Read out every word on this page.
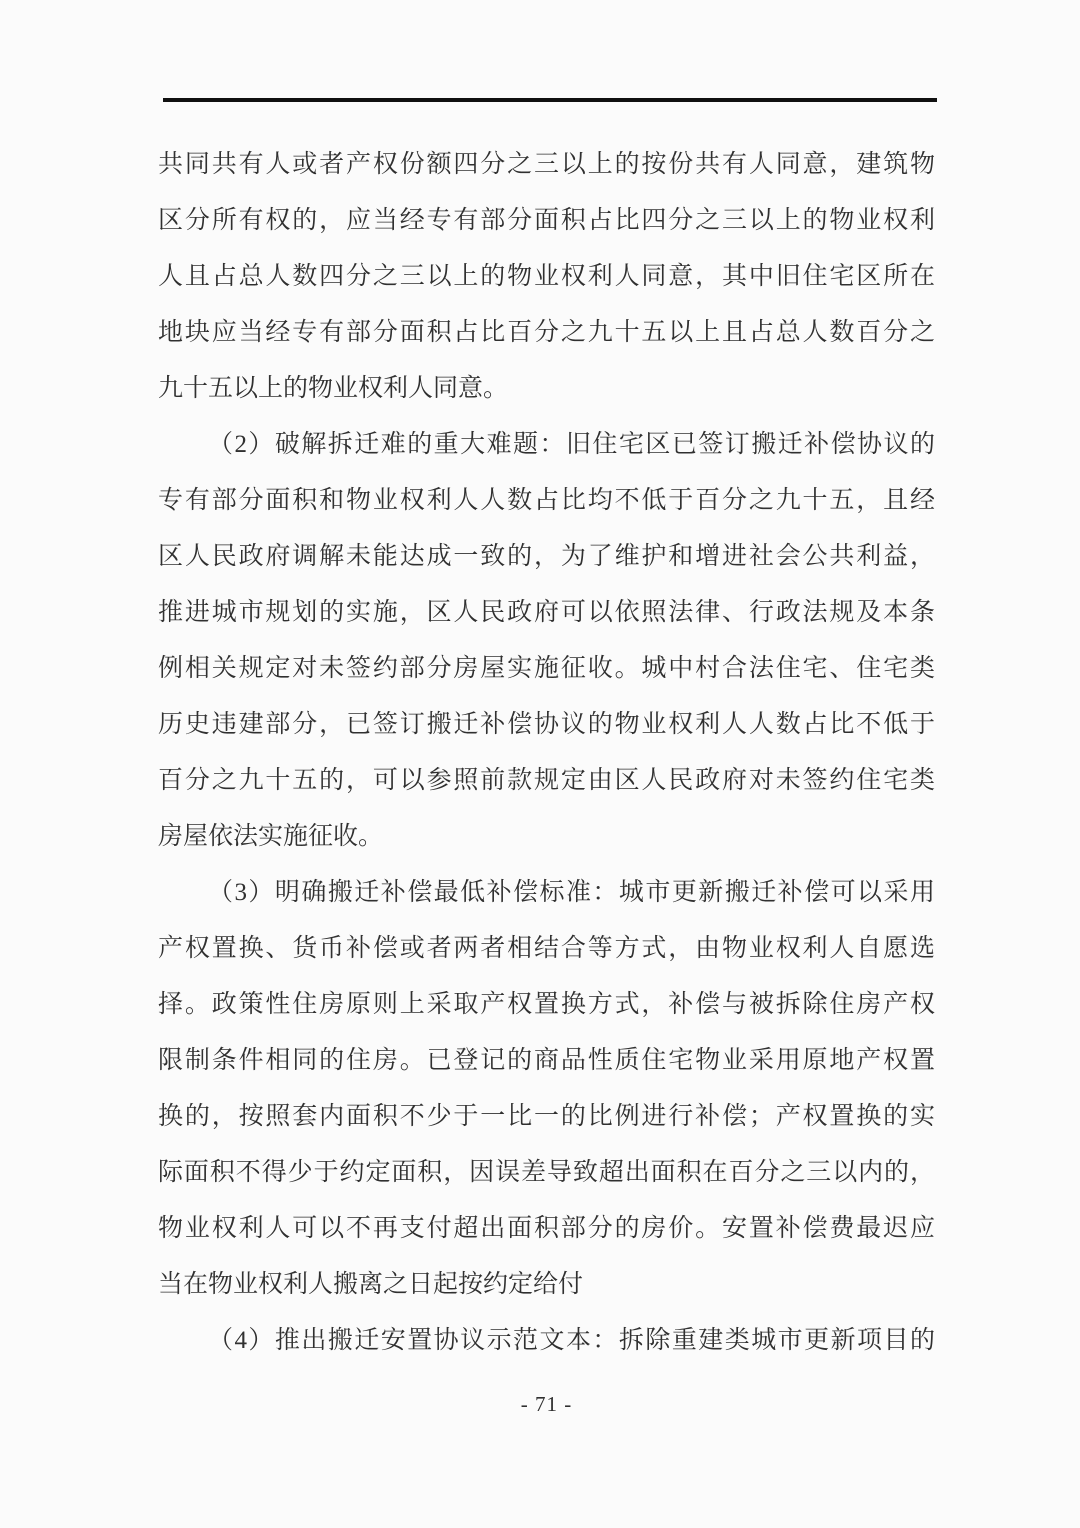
共同共有人或者产权份额四分之三以上的按份共有人同意，建筑物
区分所有权的，应当经专有部分面积占比四分之三以上的物业权利
人且占总人数四分之三以上的物业权利人同意，其中旧住宅区所在
地块应当经专有部分面积占比百分之九十五以上且占总人数百分之
九十五以上的物业权利人同意。
（2）破解拆迁难的重大难题：旧住宅区已签订搬迁补偿协议的
专有部分面积和物业权利人人数占比均不低于百分之九十五，且经
区人民政府调解未能达成一致的，为了维护和增进社会公共利益，
推进城市规划的实施，区人民政府可以依照法律、行政法规及本条
例相关规定对未签约部分房屋实施征收。城中村合法住宅、住宅类
历史违建部分，已签订搬迁补偿协议的物业权利人人数占比不低于
百分之九十五的，可以参照前款规定由区人民政府对未签约住宅类
房屋依法实施征收。
（3）明确搬迁补偿最低补偿标准：城市更新搬迁补偿可以采用
产权置换、货币补偿或者两者相结合等方式，由物业权利人自愿选
择。政策性住房原则上采取产权置换方式，补偿与被拆除住房产权
限制条件相同的住房。已登记的商品性质住宅物业采用原地产权置
换的，按照套内面积不少于一比一的比例进行补偿；产权置换的实
际面积不得少于约定面积，因误差导致超出面积在百分之三以内的，
物业权利人可以不再支付超出面积部分的房价。安置补偿费最迟应
当在物业权利人搬离之日起按约定给付
（4）推出搬迁安置协议示范文本：拆除重建类城市更新项目的
- 71 -
